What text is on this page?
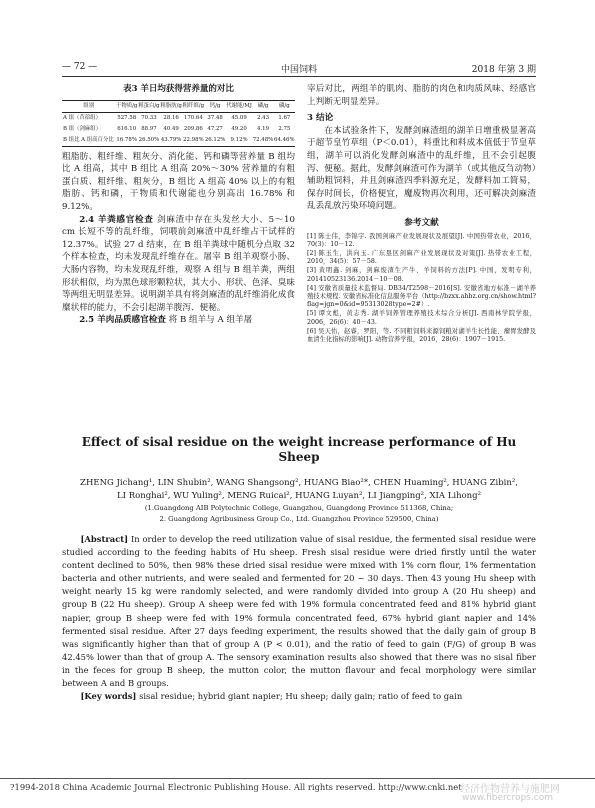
— 72 —	中国饲料	2018 年第 3 期
表3 羊日均获得营养量的对比
组别	干物质/g	粗蛋白/g	粗脂肪/g	粗纤维/g	钙/g	代谢能/MJ	磷/g	磷/g
A 组（苜蓿组）	527.58	70.33	28.16	170.64	37.48	45.09	2.43	1.67
B 组（剑麻组）	616.10	88.97	40.49	209.86	47.27	49.20	4.19	2.75
B 组比 A 组高百分比	16.78%	26.50%	43.79%	22.98%	26.12%	9.12%	72.48%	64.46%

粗脂肪、粗纤维、粗灰分、消化能、钙和磷等营养量 B 组均比 A 组高，其中 B 组比 A 组高 20%～30% 营养量的有粗蛋白质、粗纤维、粗灰分，B 组比 A 组高 40% 以上的有粗脂肪、钙和磷，干物质和代谢能也分别高出 16.78% 和 9.12%。

2.4 羊粪感官检查 剑麻渣中存在头发丝大小、5～10 cm 长短不等的乱纤维，饲喂前剑麻渣中乱纤维占干试样的 12.37%。试验 27 d 结束，在 B 组羊粪球中随机分点取 32 个样本检查，均未发现乱纤维存在。屠宰 B 组羊观察小肠、大肠内容物，均未发现乱纤维，观察 A 组与 B 组羊粪，两组形状相似，均为黑色球形颗粒状，其大小、形状、色泽、臭味等两组无明显差异。说明湖羊具有将剑麻渣的乱纤维消化成食糜状样的能力，不会引起湖羊腹泻、便秘。

2.5 羊肉品质感官检查 将 B 组羊与 A 组羊屠

宰后对比，两组羊的肌肉、脂肪的肉色和肉质风味、经感官上判断无明显差异。

3 结论

在本试验条件下，发酵剑麻渣组的湖羊日增重极显著高于超节皇竹草组（P＜0.01），料重比和料成本值低于节皇草组，湖羊可以消化发酵剑麻渣中的乱纤维，且不会引起腹泻、便秘。据此，发酵剑麻渣可作为湖羊（或其他反刍动物）辅助粗饲料，并且剑麻渣四季料源充足，发酵料加工简易，保存时间长，价格便宜，魔废物再次利用，还可解决剑麻渣乱丢乱放污染环境问题。

参考文献

[1] 陈士伟，李锦宇. 我国剑麻产业发展现状及展望[J]. 中国热带农业，2016，70(3)：10－12.
[2] 陈玉生，洪向玉. 广东垦区剑麻产业发展现状及对策[J]. 热带农业工程，2010，34(5)：57－58.
[3] 黄明鑫. 剑麻，剑麻废渣生产牛、羊饲料的方法[P]. 中国，发明专利，201410523136.2014－10－08.
[4] 安徽省质量技术监督局. DB34/T2598－2016[S]. 安徽省地方标准－湖羊养殖技术规程. 安徽省标准化信息服务平台（http://bzxx.ahbz.org.cn/show.html?flag=jgn=0&id=95313028type=2#）.
[5] 谭文彪，黄志秀. 湖羊饲养管理养殖技术综合分析[J]. 西南林学院学报，2006，26(6)：40－43.
[6] 吴天佑，赵睿，罗阳，等. 不同粗饲料来源饲粮对湖羊生长性能、瘤胃发酵及血清生化指标的影响[J]. 动物营养学报，2016，28(6)：1907－1915.
Effect of sisal residue on the weight increase performance of Hu Sheep
ZHENG Jichang¹, LIN Shubin², WANG Shangsong², HUANG Biao²*, CHEN Huaming², HUANG Zibin²,
LI Ronghai², WU Yuling², MENG Ruicai², HUANG Luyan², LI Jiangping², XIA Lihong²
(1.Guangdong AIB Polytechnic College, Guangzhou, Guangdong Province 511368, China;
2. Guangdong Agribusiness Group Co., Ltd. Guangzhou Province 529500, China)

[Abstract] In order to develop the reed utilization value of sisal residue, the fermented sisal residue were studied according to the feeding habits of Hu sheep. Fresh sisal residue were dried firstly until the water content declined to 50%, then 98% these dried sisal residue were mixed with 1% corn flour, 1% fermentation bacteria and other nutrients, and were sealed and fermented for 20 ~ 30 days. Then 43 young Hu sheep with weight nearly 15 kg were randomly selected, and were randomly divided into group A (20 Hu sheep) and group B (22 Hu sheep). Group A sheep were fed with 19% formula concentrated feed and 81% hybrid giant napier, group B sheep were fed with 19% formula concentrated feed, 67% hybrid giant napier and 14% fermented sisal residue. After 27 days feeding experiment, the results showed that the daily gain of group B was significantly higher than that of group A (P < 0.01), and the ratio of feed to gain (F/G) of group B was 42.45% lower than that of group A. The sensory examination results also showed that there was no sisal fiber in the feces for group B sheep, the mutton color, the mutton flavour and fecal morphology were similar between A and B groups.

[Key words] sisal residue; hybrid giant napier; Hu sheep; daily gain; ratio of feed to gain

?1994-2018 China Academic Journal Electronic Publishing House. All rights reserved. http://www.cnki.net
经济作物营养与施肥网
www.fibercrops.com
